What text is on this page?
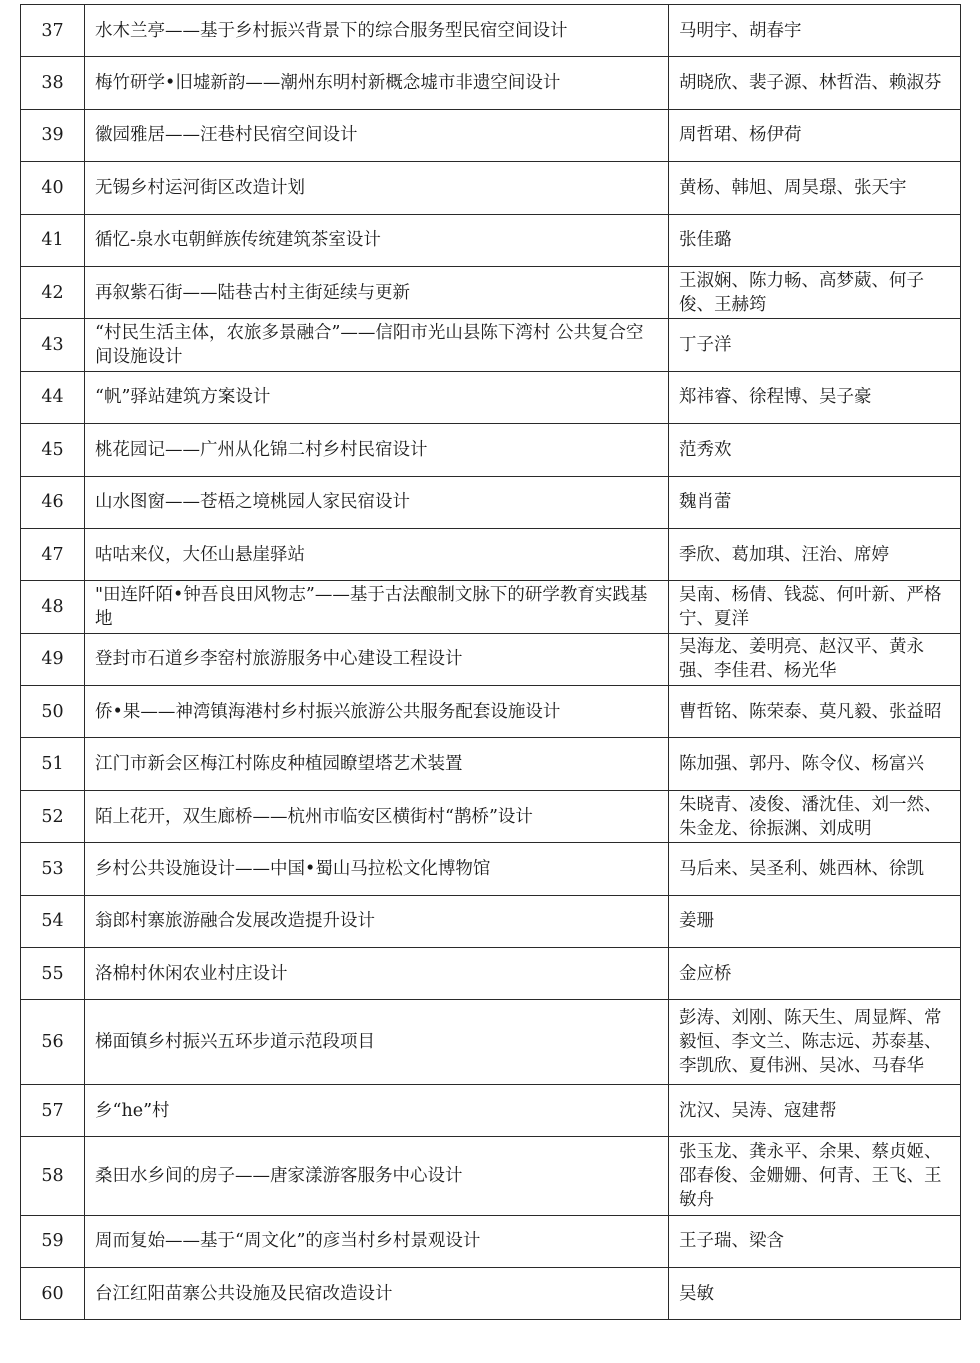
37	水木兰亭——基于乡村振兴背景下的综合服务型民宿空间设计	马明宇、胡春宇
38	梅竹研学•旧墟新韵——潮州东明村新概念墟市非遗空间设计	胡晓欣、裴子源、林哲浩、赖淑芬
39	徽园雅居——汪巷村民宿空间设计	周哲珺、杨伊荷
40	无锡乡村运河街区改造计划	黄杨、韩旭、周昊璟、张天宇
41	循忆-泉水屯朝鲜族传统建筑茶室设计	张佳璐
42	再叙紫石街——陆巷古村主街延续与更新	王淑娴、陈力畅、高梦葳、何子俊、王赫筠
43	“村民生活主体，农旅多景融合”——信阳市光山县陈下湾村 公共复合空间设施设计	丁子洋
44	“帆”驿站建筑方案设计	郑祎睿、徐程博、吴子豪
45	桃花园记——广州从化锦二村乡村民宿设计	范秀欢
46	山水图窗——苍梧之境桃园人家民宿设计	魏肖蕾
47	咕咕来仪，大伾山悬崖驿站	季欣、葛加琪、汪治、席婷
48	"田连阡陌•钟吾良田风物志”——基于古法酿制文脉下的研学教育实践基地	吴南、杨倩、钱蕊、何叶新、严格宁、夏洋
49	登封市石道乡李窑村旅游服务中心建设工程设计	吴海龙、姜明亮、赵汉平、黄永强、李佳君、杨光华
50	侨•果——神湾镇海港村乡村振兴旅游公共服务配套设施设计	曹哲铭、陈荣泰、莫凡毅、张益昭
51	江门市新会区梅江村陈皮种植园瞭望塔艺术装置	陈加强、郭丹、陈令仪、杨富兴
52	陌上花开，双生廊桥——杭州市临安区横街村“鹊桥”设计	朱晓青、凌俊、潘沈佳、刘一然、朱金龙、徐振渊、刘成明
53	乡村公共设施设计——中国•蜀山马拉松文化博物馆	马后来、吴圣利、姚西林、徐凯
54	翁郎村寨旅游融合发展改造提升设计	姜珊
55	洛棉村休闲农业村庄设计	金应桥
56	梯面镇乡村振兴五环步道示范段项目	彭涛、刘刚、陈天生、周显辉、常毅恒、李文兰、陈志远、苏泰基、李凯欣、夏伟洲、吴冰、马春华
57	乡“he”村	沈汉、吴涛、寇建帮
58	桑田水乡间的房子——唐家漾游客服务中心设计	张玉龙、龚永平、余果、蔡贞姬、邵春俊、金姗姗、何青、王飞、王敏舟
59	周而复始——基于“周文化”的彦当村乡村景观设计	王子瑞、梁含
60	台江红阳苗寨公共设施及民宿改造设计	吴敏
